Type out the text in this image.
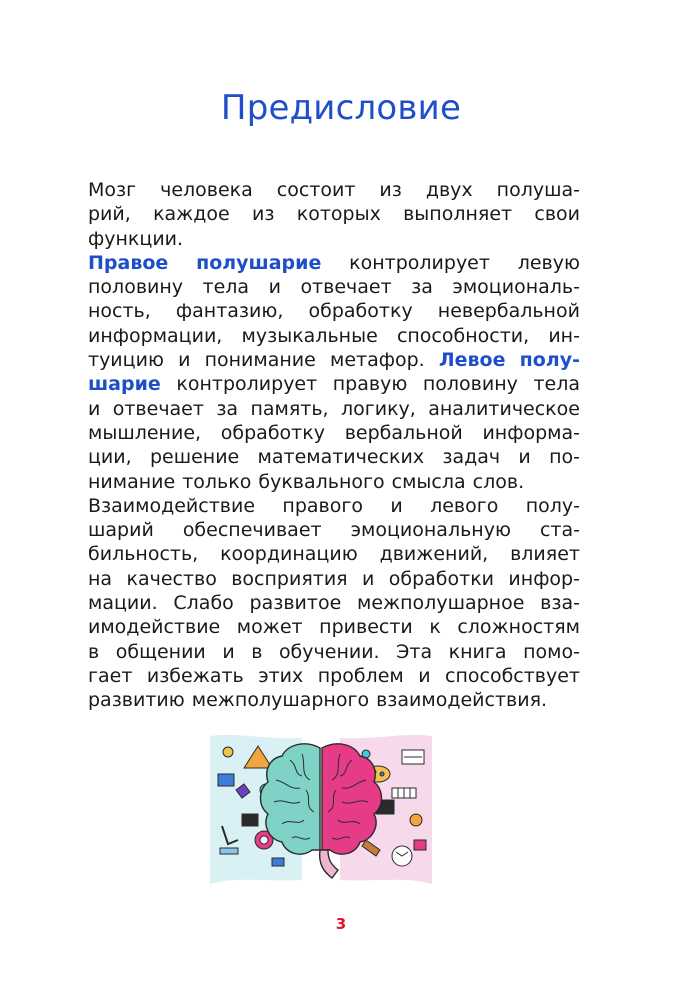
Предисловие
Мозг человека состоит из двух полуша-
рий, каждое из которых выполняет свои
функции.
Правое полушарие контролирует левую
половину тела и отвечает за эмоциональ-
ность, фантазию, обработку невербальной
информации, музыкальные способности, ин-
туицию и понимание метафор. Левое полу-
шарие контролирует правую половину тела
и отвечает за память, логику, аналитическое
мышление, обработку вербальной информа-
ции, решение математических задач и по-
нимание только буквального смысла слов.
Взаимодействие правого и левого полу-
шарий обеспечивает эмоциональную ста-
бильность, координацию движений, влияет
на качество восприятия и обработки инфор-
мации. Слабо развитое межполушарное вза-
имодействие может привести к сложностям
в общении и в обучении. Эта книга помо-
гает избежать этих проблем и способствует
развитию межполушарного взаимодействия.
3
